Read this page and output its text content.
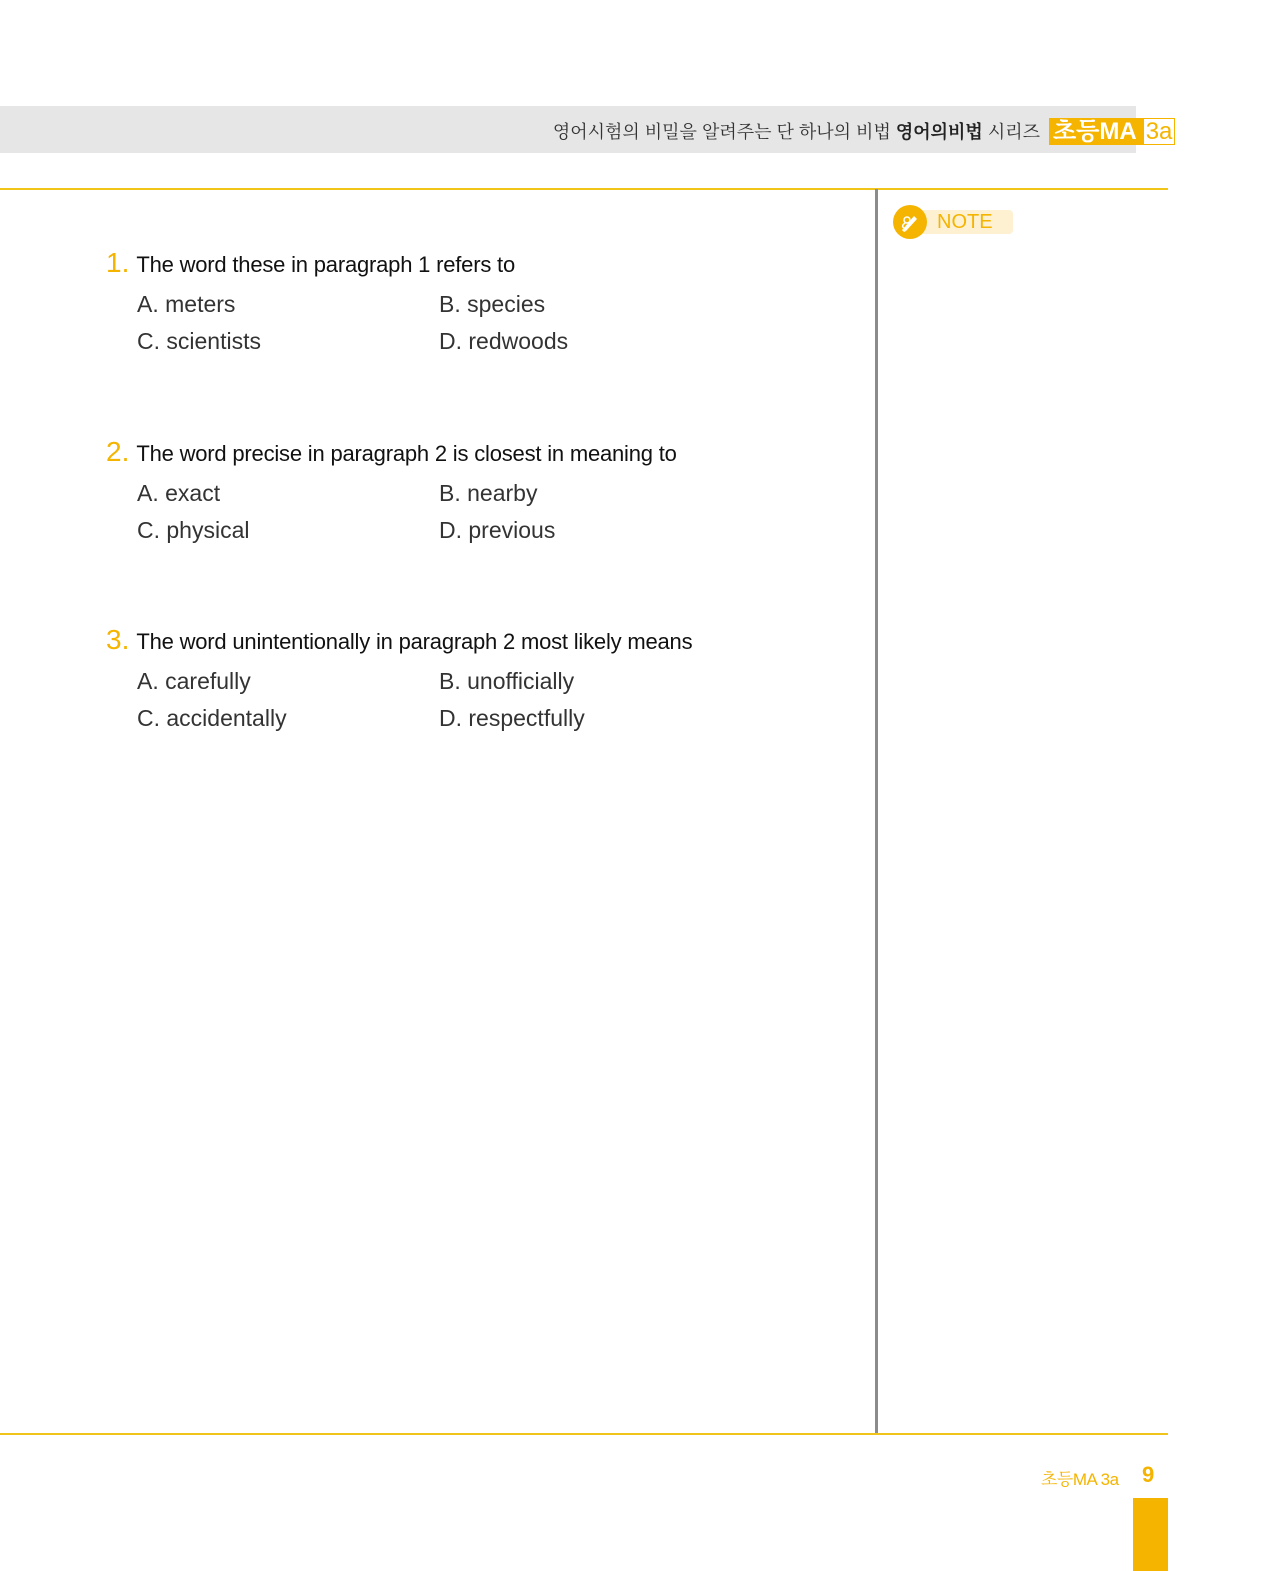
영어시험의 비밀을 알려주는 단 하나의 비법 영어의비법 시리즈 초등MA 3a
NOTE
1. The word these in paragraph 1 refers to
A. meters	B. species
C. scientists	D. redwoods
2. The word precise in paragraph 2 is closest in meaning to
A. exact	B. nearby
C. physical	D. previous
3. The word unintentionally in paragraph 2 most likely means
A. carefully	B. unofficially
C. accidentally	D. respectfully
초등MA 3a 9
